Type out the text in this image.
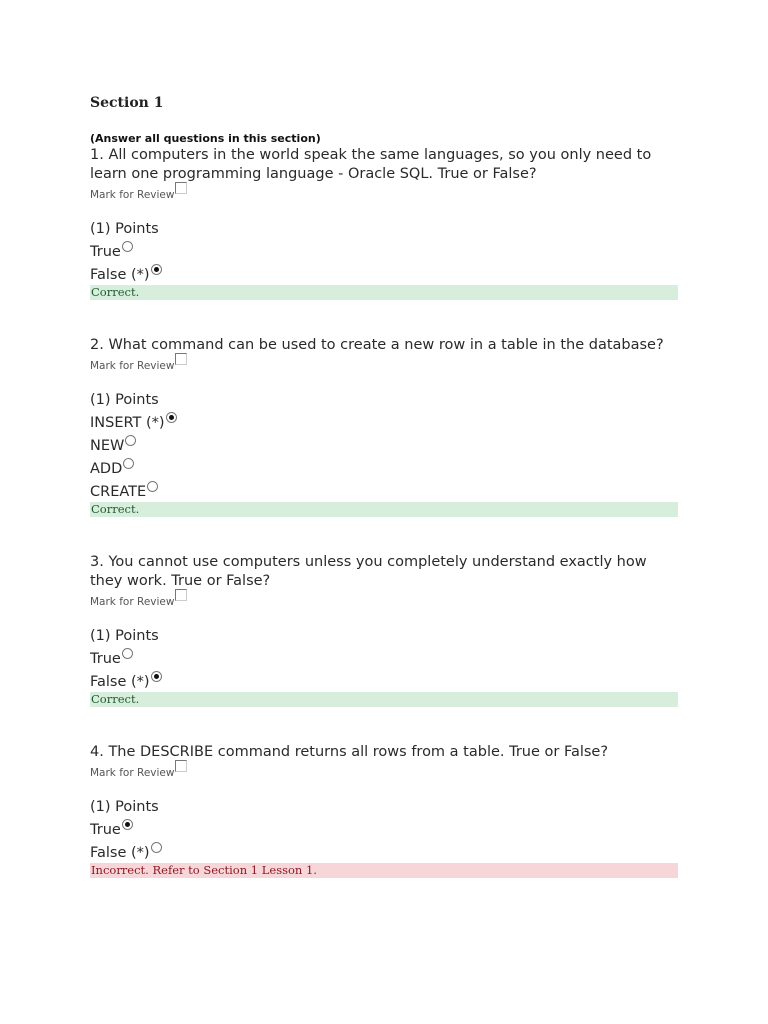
Section 1
(Answer all questions in this section)
1. All computers in the world speak the same languages, so you only need to learn one programming language - Oracle SQL. True or False?
Mark for Review
(1) Points
True
False (*)
Correct.
2. What command can be used to create a new row in a table in the database?
Mark for Review
(1) Points
INSERT (*)
NEW
ADD
CREATE
Correct.
3. You cannot use computers unless you completely understand exactly how they work. True or False?
Mark for Review
(1) Points
True
False (*)
Correct.
4. The DESCRIBE command returns all rows from a table. True or False?
Mark for Review
(1) Points
True
False (*)
Incorrect. Refer to Section 1 Lesson 1.
